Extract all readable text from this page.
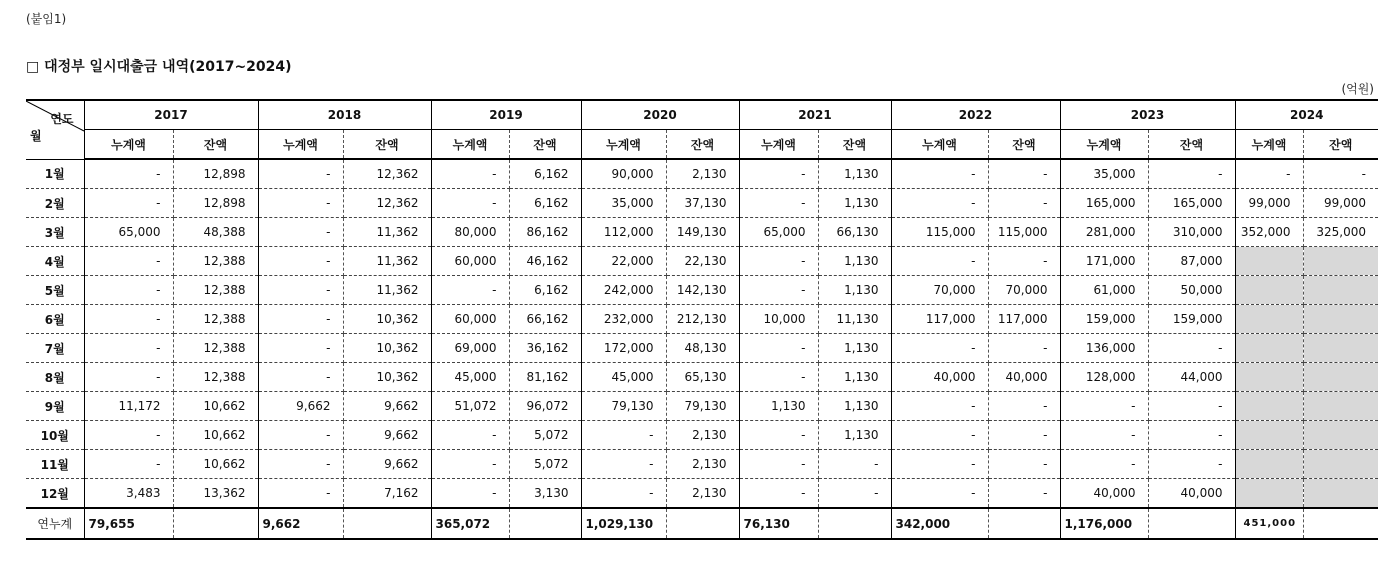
(붙임1)
□ 대정부 일시대출금 내역(2017~2024)
(억원)
연도
월	2017		2018		2019		2020		2021		2022		2023		2024	
	누계액	잔액	누계액	잔액	누계액	잔액	누계액	잔액	누계액	잔액	누계액	잔액	누계액	잔액	누계액	잔액
1월	-	12,898	-	12,362	-	6,162	90,000	2,130	-	1,130	-	-	35,000	-	-	-
2월	-	12,898	-	12,362	-	6,162	35,000	37,130	-	1,130	-	-	165,000	165,000	99,000	99,000
3월	65,000	48,388	-	11,362	80,000	86,162	112,000	149,130	65,000	66,130	115,000	115,000	281,000	310,000	352,000	325,000
4월	-	12,388	-	11,362	60,000	46,162	22,000	22,130	-	1,130	-	-	171,000	87,000		
5월	-	12,388	-	11,362	-	6,162	242,000	142,130	-	1,130	70,000	70,000	61,000	50,000		
6월	-	12,388	-	10,362	60,000	66,162	232,000	212,130	10,000	11,130	117,000	117,000	159,000	159,000		
7월	-	12,388	-	10,362	69,000	36,162	172,000	48,130	-	1,130	-	-	136,000	-		
8월	-	12,388	-	10,362	45,000	81,162	45,000	65,130	-	1,130	40,000	40,000	128,000	44,000		
9월	11,172	10,662	9,662	9,662	51,072	96,072	79,130	79,130	1,130	1,130	-	-	-	-		
10월	-	10,662	-	9,662	-	5,072	-	2,130	-	1,130	-	-	-	-		
11월	-	10,662	-	9,662	-	5,072	-	2,130	-	-	-	-	-	-		
12월	3,483	13,362	-	7,162	-	3,130	-	2,130	-	-	-	-	40,000	40,000		
연누계	79,655		9,662		365,072		1,029,130		76,130		342,000		1,176,000		451,000	
